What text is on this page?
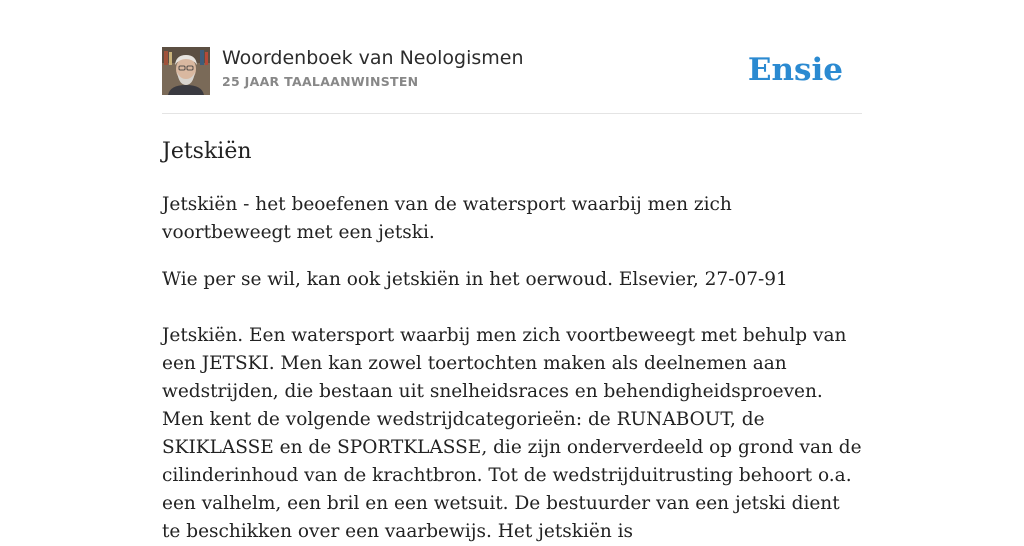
Woordenboek van Neologismen
25 JAAR TAALAANWINSTEN	Ensie
Jetskiën

Jetskiën - het beoefenen van de watersport waarbij men zich voortbeweegt met een jetski.

Wie per se wil, kan ook jetskiën in het oerwoud. Elsevier, 27-07-91

Jetskiën. Een watersport waarbij men zich voortbeweegt met behulp van een JETSKI. Men kan zowel toertochten maken als deelnemen aan wedstrijden, die bestaan uit snelheidsraces en behendigheidsproeven. Men kent de volgende wedstrijdcategorieën: de RUNABOUT, de SKIKLASSE en de SPORTKLASSE, die zijn onderverdeeld op grond van de cilinderinhoud van de krachtbron. Tot de wedstrijduitrusting behoort o.a. een valhelm, een bril en een wetsuit. De bestuurder van een jetski dient te beschikken over een vaarbewijs. Het jetskiën is
